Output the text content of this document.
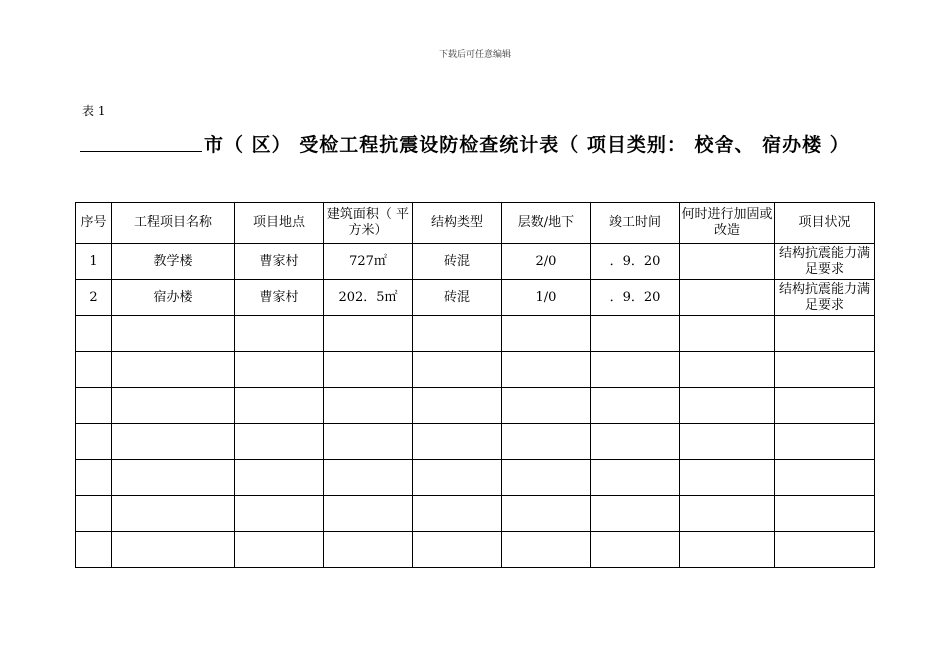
下载后可任意编辑
表 1
市（ 区） 受检工程抗震设防检查统计表（ 项目类别： 校舍、 宿办楼 ）
序号	工程项目名称	项目地点	建筑面积（ 平方米）	结构类型	层数/地下	竣工时间	何时进行加固或改造	项目状况
1	教学楼	曹家村	727㎡	砖混	2/0	．9．20		结构抗震能力满足要求
2	宿办楼	曹家村	202．5㎡	砖混	1/0	．9．20		结构抗震能力满足要求
